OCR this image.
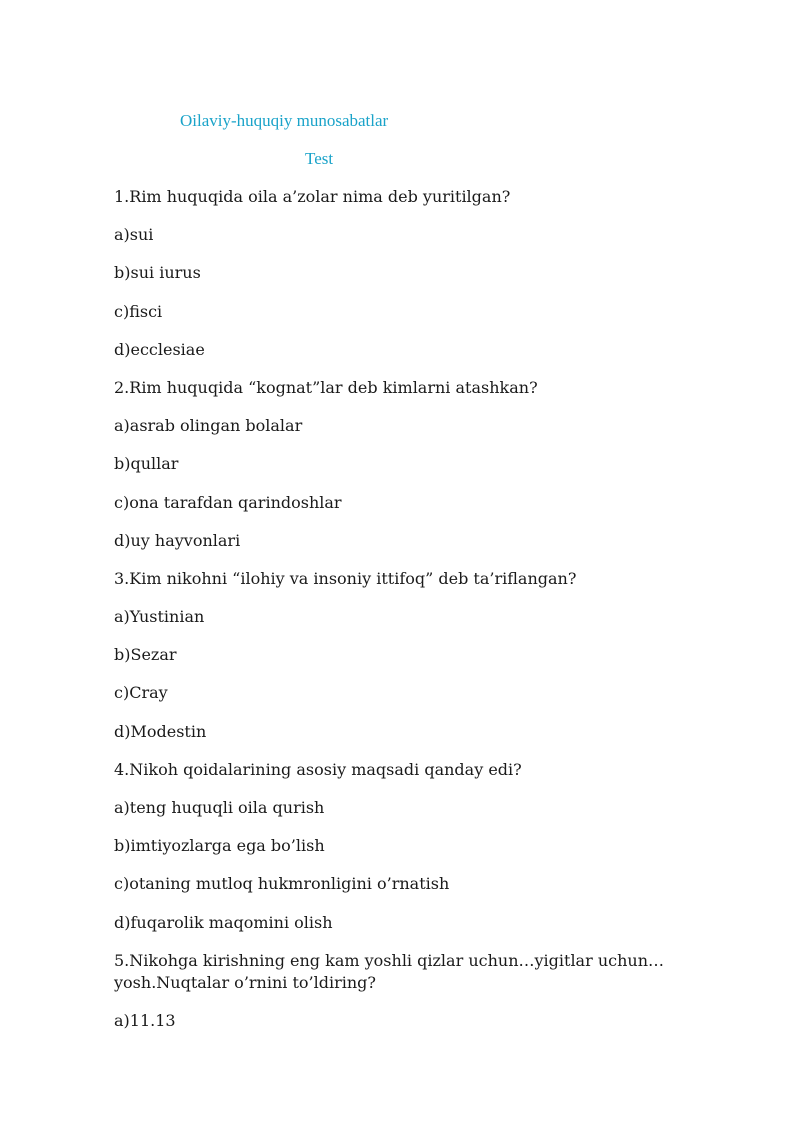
Oilaviy-huquqiy munosabatlar
Test

1.Rim huquqida oila a’zolar nima deb yuritilgan?

a)sui

b)sui iurus

c)fisci

d)ecclesiae

2.Rim huquqida “kognat”lar deb kimlarni atashkan?

a)asrab olingan bolalar

b)qullar

c)ona tarafdan qarindoshlar

d)uy hayvonlari

3.Kim nikohni “ilohiy va insoniy ittifoq” deb ta’riflangan?

a)Yustinian

b)Sezar

c)Cray

d)Modestin

4.Nikoh qoidalarining asosiy maqsadi qanday edi?

a)teng huquqli oila qurish

b)imtiyozlarga ega bo’lish

c)otaning mutloq hukmronligini o’rnatish

d)fuqarolik maqomini olish

5.Nikohga kirishning eng kam yoshli qizlar uchun…yigitlar uchun…
yosh.Nuqtalar o’rnini to’ldiring?

a)11.13
